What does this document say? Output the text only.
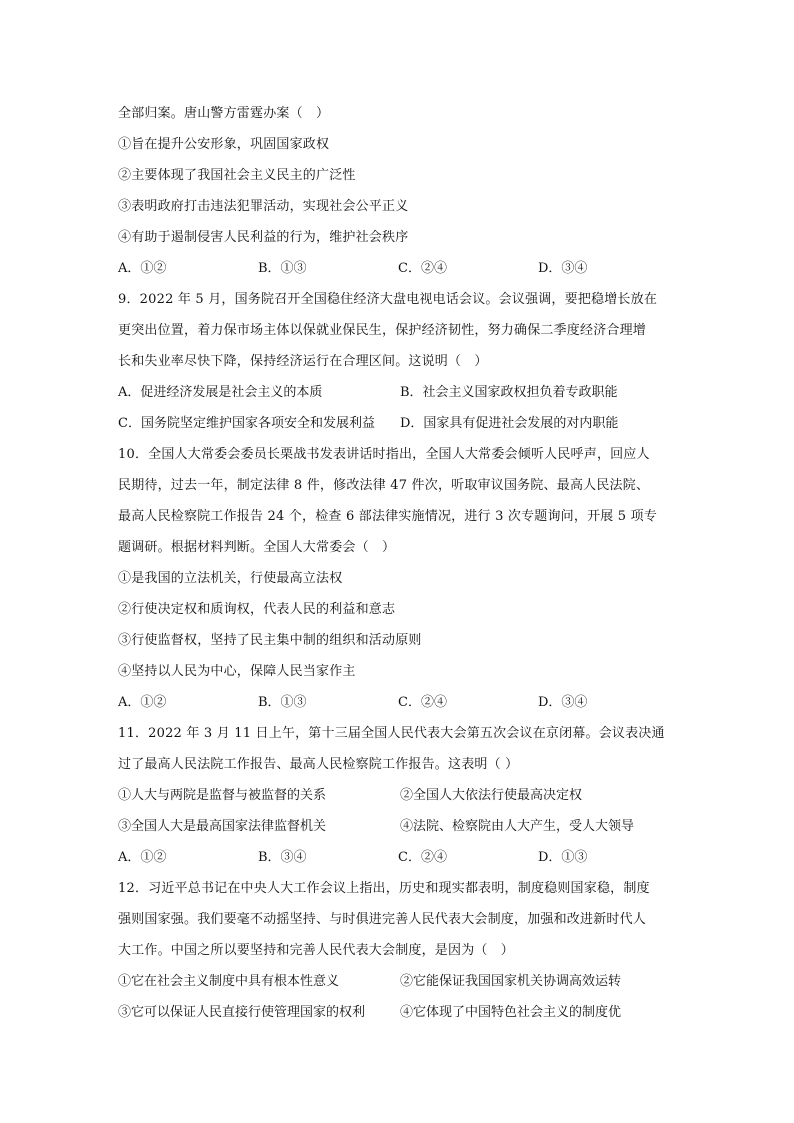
全部归案。唐山警方雷霆办案（　）
①旨在提升公安形象，巩固国家政权
②主要体现了我国社会主义民主的广泛性
③表明政府打击违法犯罪活动，实现社会公平正义
④有助于遏制侵害人民利益的行为，维护社会秩序
A．①②	B．①③	C．②④	D．③④
9．2022 年 5 月，国务院召开全国稳住经济大盘电视电话会议。会议强调，要把稳增长放在
更突出位置，着力保市场主体以保就业保民生，保护经济韧性，努力确保二季度经济合理增
长和失业率尽快下降，保持经济运行在合理区间。这说明（　）
A．促进经济发展是社会主义的本质	B．社会主义国家政权担负着专政职能
C．国务院坚定维护国家各项安全和发展利益	D．国家具有促进社会发展的对内职能
10．全国人大常委会委员长栗战书发表讲话时指出，全国人大常委会倾听人民呼声，回应人
民期待，过去一年，制定法律 8 件，修改法律 47 件次，听取审议国务院、最高人民法院、
最高人民检察院工作报告 24 个，检查 6 部法律实施情况，进行 3 次专题询问，开展 5 项专
题调研。根据材料判断。全国人大常委会（　）
①是我国的立法机关，行使最高立法权
②行使决定权和质询权，代表人民的利益和意志
③行使监督权，坚持了民主集中制的组织和活动原则
④坚持以人民为中心，保障人民当家作主
A．①②	B．①③	C．②④	D．③④
11．2022 年 3 月 11 日上午，第十三届全国人民代表大会第五次会议在京闭幕。会议表决通
过了最高人民法院工作报告、最高人民检察院工作报告。这表明（ ）
①人大与两院是监督与被监督的关系	②全国人大依法行使最高决定权
③全国人大是最高国家法律监督机关	④法院、检察院由人大产生，受人大领导
A．①②	B．③④	C．②④	D．①③
12．习近平总书记在中央人大工作会议上指出，历史和现实都表明，制度稳则国家稳，制度
强则国家强。我们要毫不动摇坚持、与时俱进完善人民代表大会制度，加强和改进新时代人
大工作。中国之所以要坚持和完善人民代表大会制度，是因为（　）
①它在社会主义制度中具有根本性意义	②它能保证我国国家机关协调高效运转
③它可以保证人民直接行使管理国家的权利	④它体现了中国特色社会主义的制度优
